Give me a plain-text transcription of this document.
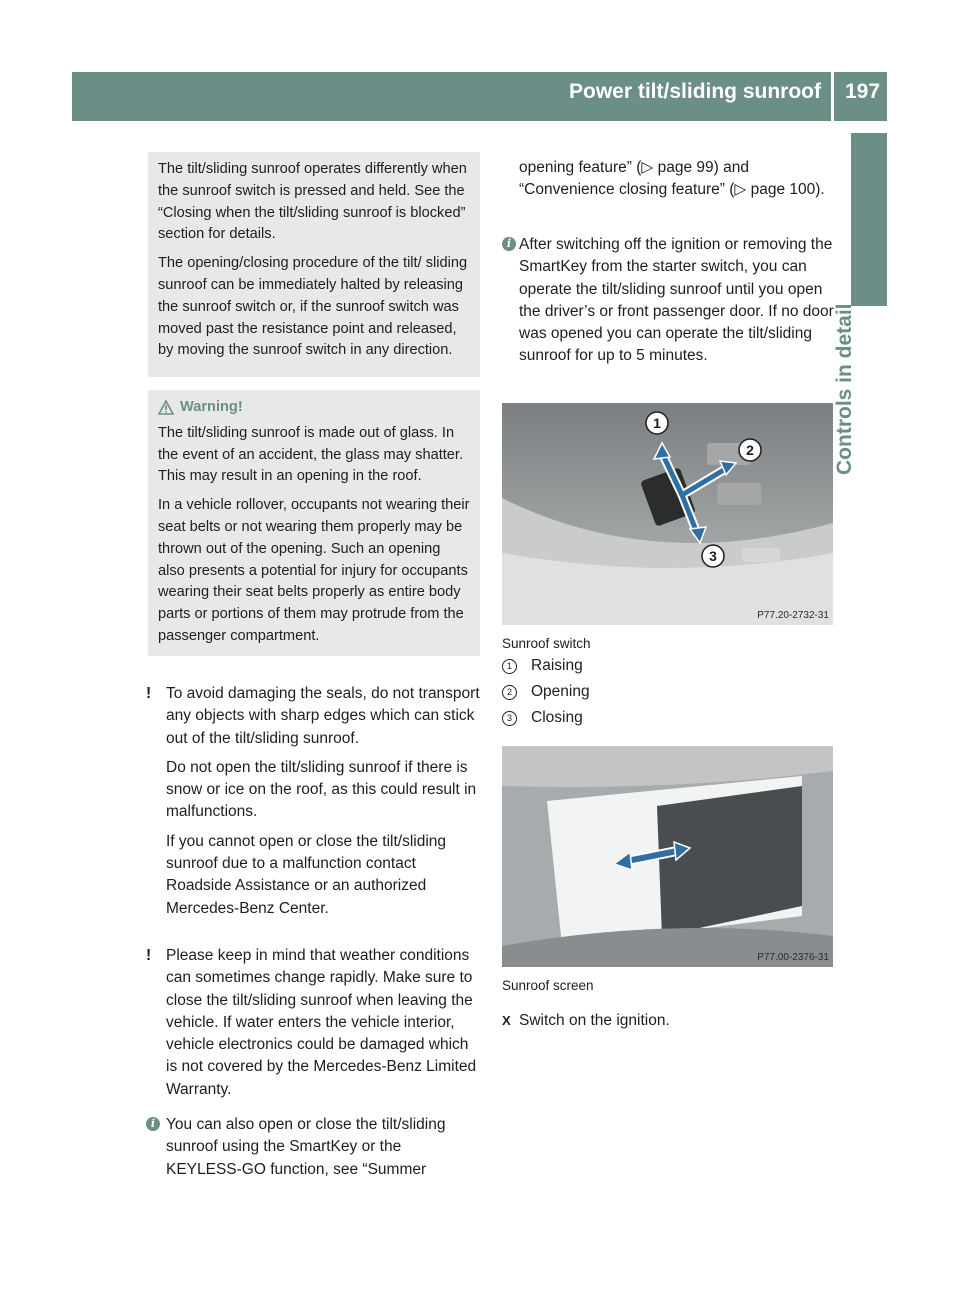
Power tilt/sliding sunroof 197
Controls in detail

The tilt/sliding sunroof operates differently when the sunroof switch is pressed and held. See the “Closing when the tilt/sliding sunroof is blocked” section for details.

The opening/closing procedure of the tilt/ sliding sunroof can be immediately halted by releasing the sunroof switch or, if the sunroof switch was moved past the resistance point and released, by moving the sunroof switch in any direction.

Warning!

The tilt/sliding sunroof is made out of glass. In the event of an accident, the glass may shatter. This may result in an opening in the roof.

In a vehicle rollover, occupants not wearing their seat belts or not wearing them properly may be thrown out of the opening. Such an opening also presents a potential for injury for occupants wearing their seat belts properly as entire body parts or portions of them may protrude from the passenger compartment.

! To avoid damaging the seals, do not transport any objects with sharp edges which can stick out of the tilt/sliding sunroof.

Do not open the tilt/sliding sunroof if there is snow or ice on the roof, as this could result in malfunctions.

If you cannot open or close the tilt/sliding sunroof due to a malfunction contact Roadside Assistance or an authorized Mercedes-Benz Center.

! Please keep in mind that weather conditions can sometimes change rapidly. Make sure to close the tilt/sliding sunroof when leaving the vehicle. If water enters the vehicle interior, vehicle electronics could be damaged which is not covered by the Mercedes-Benz Limited Warranty.

i You can also open or close the tilt/sliding sunroof using the SmartKey or the KEYLESS-GO function, see “Summer

opening feature” (▷ page 99) and “Convenience closing feature” (▷ page 100).

i After switching off the ignition or removing the SmartKey from the starter switch, you can operate the tilt/sliding sunroof until you open the driver’s or front passenger door. If no door was opened you can operate the tilt/sliding sunroof for up to 5 minutes.

1
2
3
P77.20-2732-31
Sunroof switch
1 Raising
2 Opening
3 Closing
P77.00-2376-31
Sunroof screen
X Switch on the ignition.
